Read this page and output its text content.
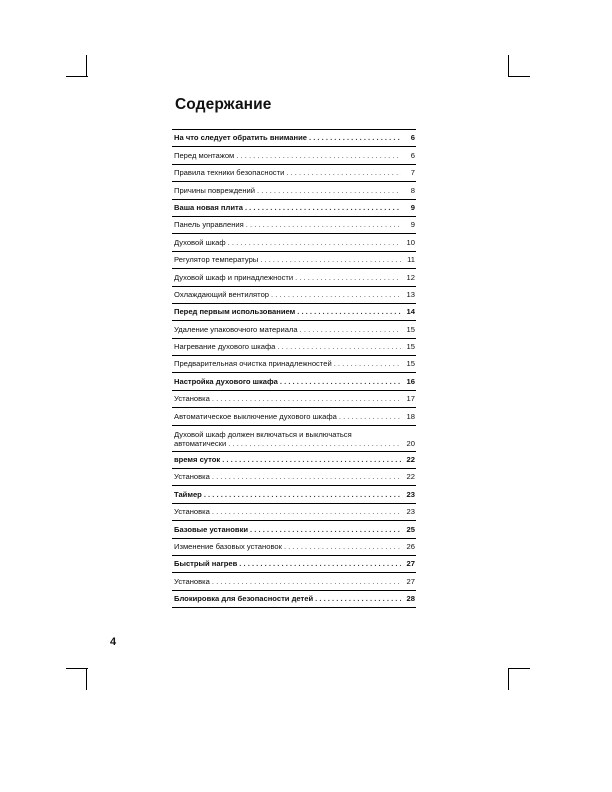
Содержание
На что следует обратить внимание . . .	6
Перед монтажом . . .	6
Правила техники безопасности . . .	7
Причины повреждений . . .	8
Ваша новая плита . . .	9
Панель управления . . .	9
Духовой шкаф . . .	10
Регулятор температуры . . .	11
Духовой шкаф и принадлежности . . .	12
Охлаждающий вентилятор . . .	13
Перед первым использованием . . .	14
Удаление упаковочного материала . . .	15
Нагревание духового шкафа . . .	15
Предварительная очистка принадлежностей . . .	15
Настройка духового шкафа . . .	16
Установка . . .	17
Автоматическое выключение духового шкафа . . .	18
Духовой шкаф должен включаться и выключаться
автоматически . . .	20
время суток . . .	22
Установка . . .	22
Таймер . . .	23
Установка . . .	23
Базовые установки . . .	25
Изменение базовых установок . . .	26
Быстрый нагрев . . .	27
Установка . . .	27
Блокировка для безопасности детей . . .	28
4
